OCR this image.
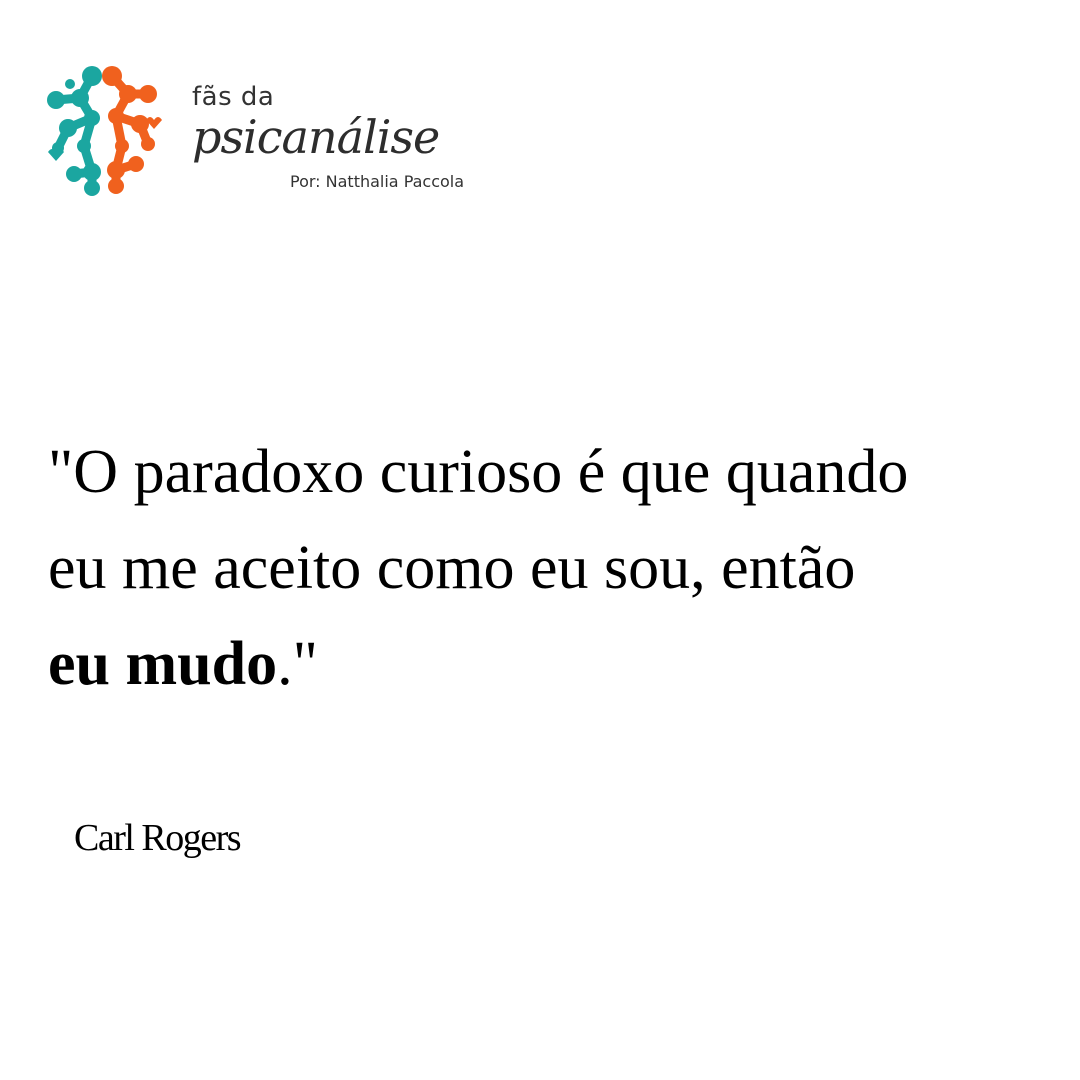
fãs da
psicanálise
Por: Natthalia Paccola
"O paradoxo curioso é que quando
eu me aceito como eu sou, então
eu mudo."
Carl Rogers
